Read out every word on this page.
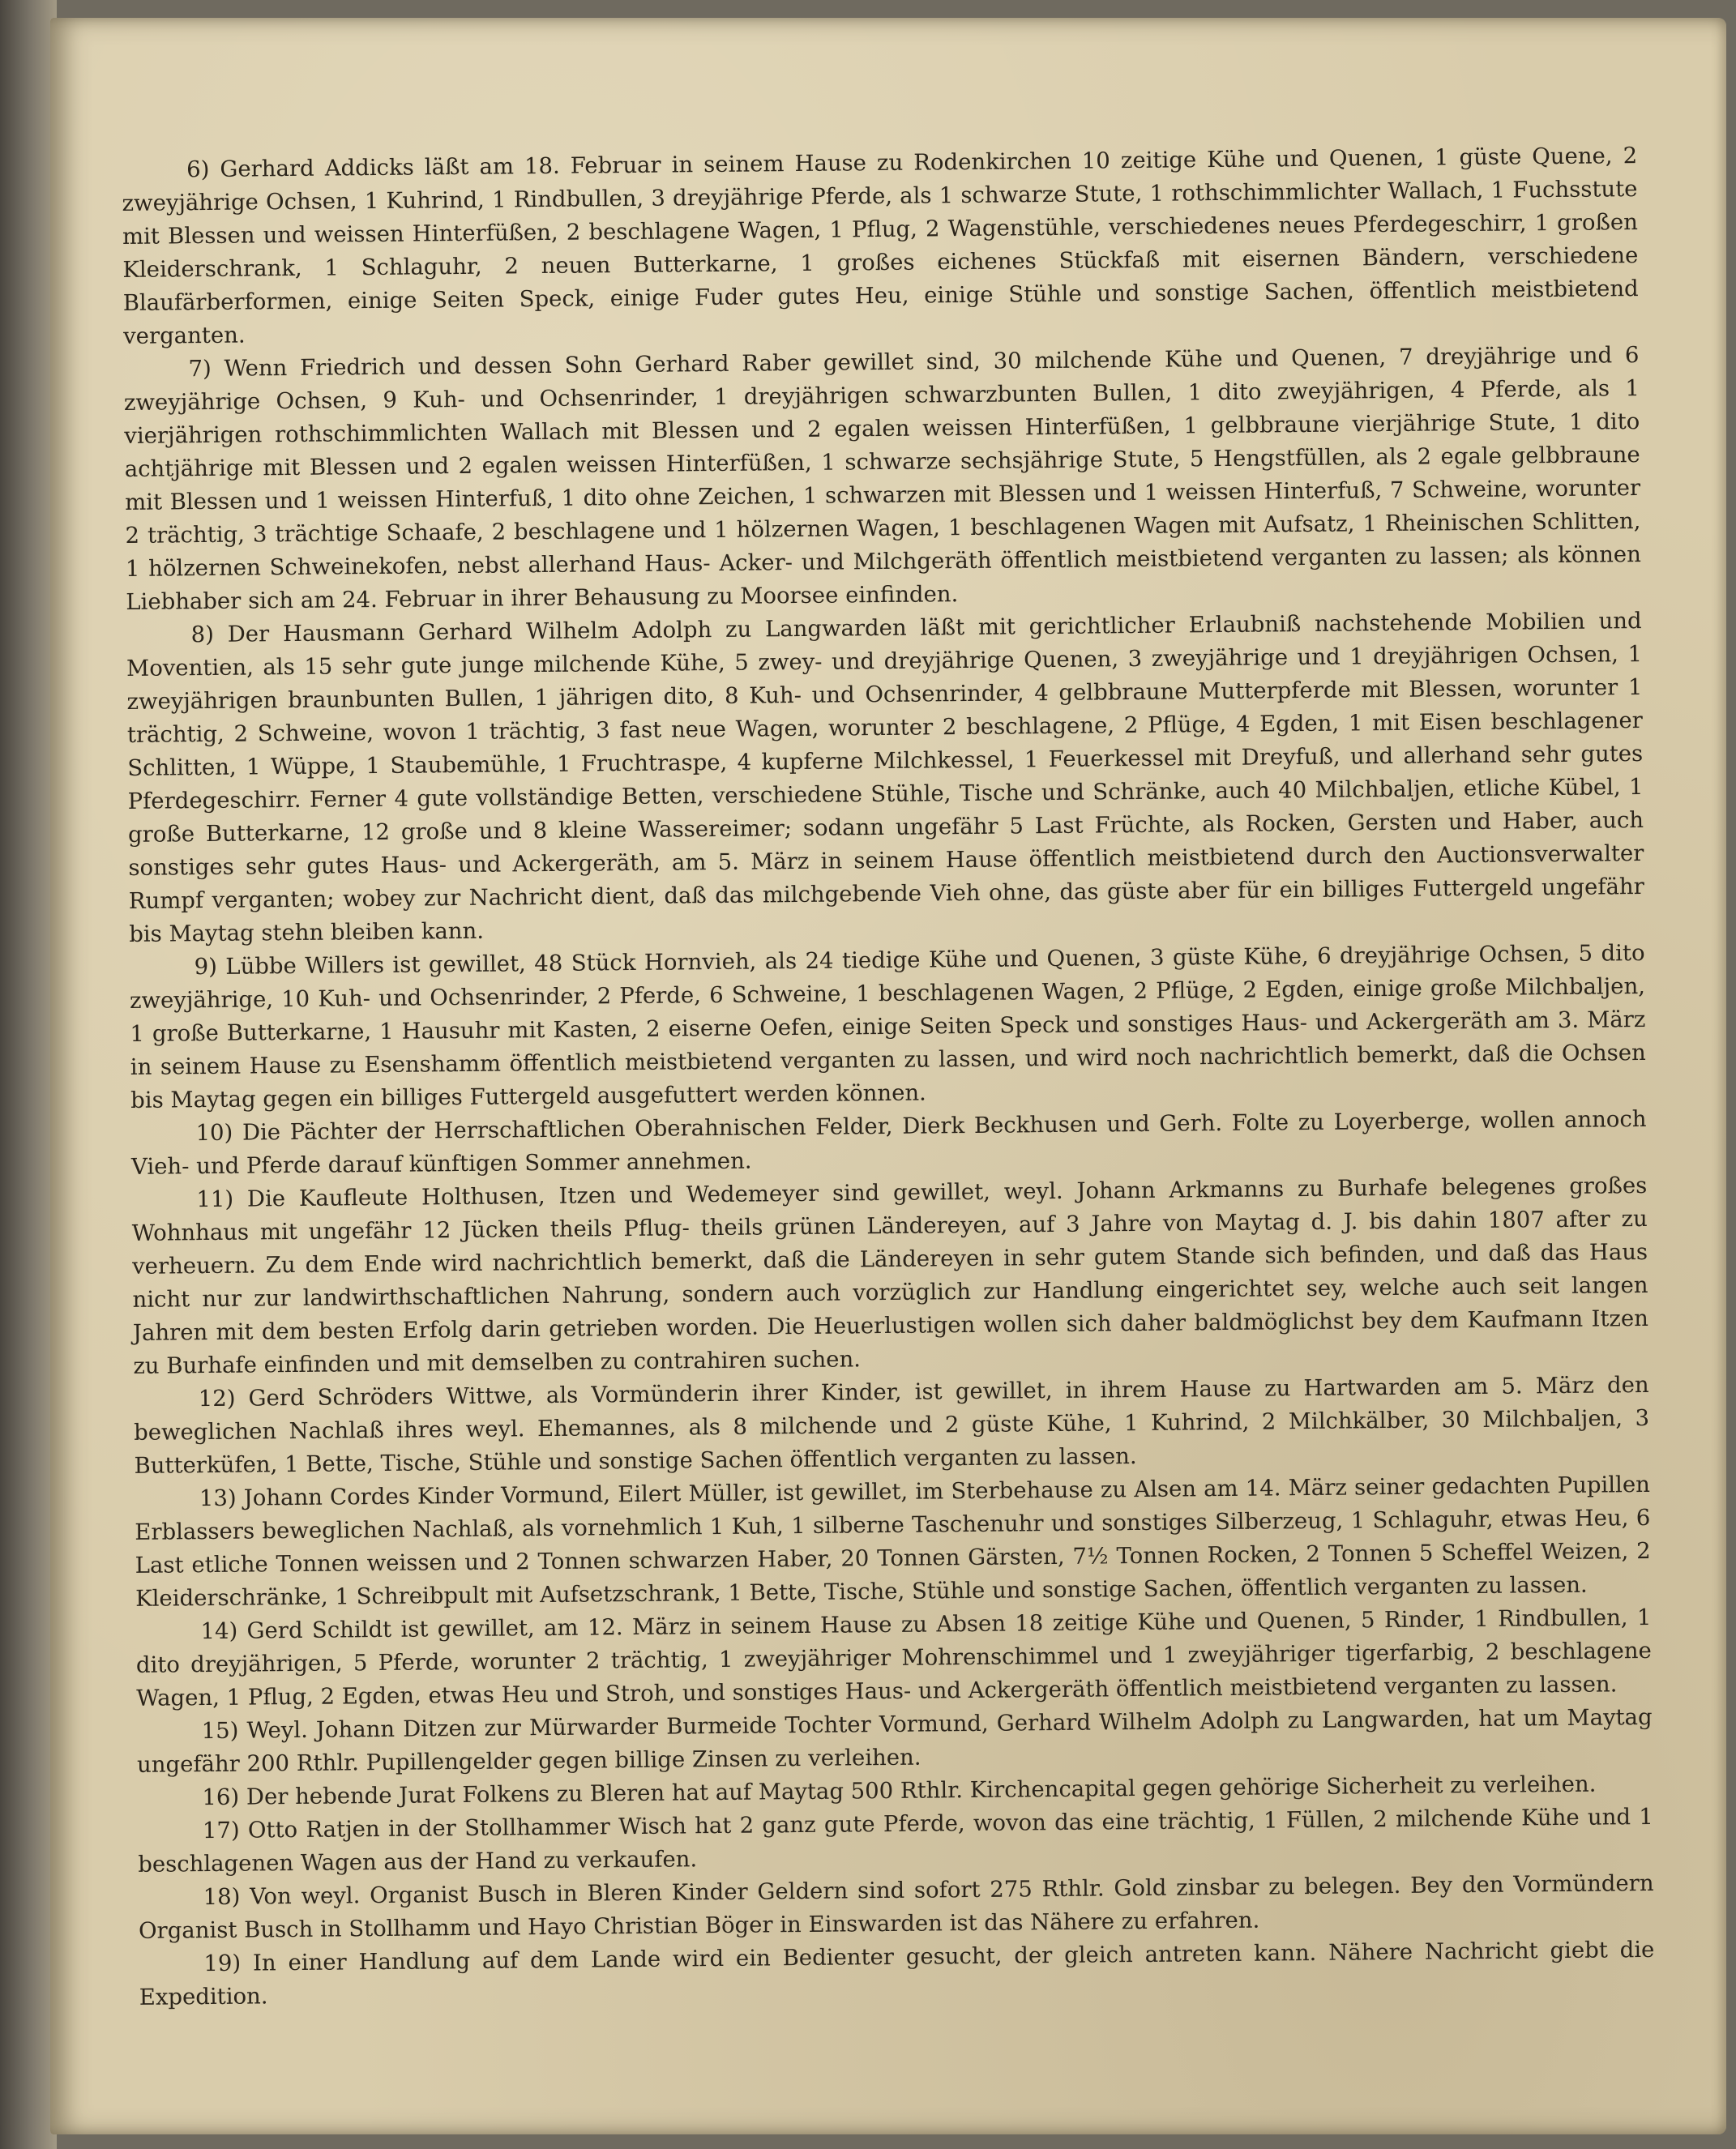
6) Gerhard Addicks läßt am 18. Februar in seinem Hause zu Rodenkirchen 10 zeitige Kühe und Quenen, 1 güste Quene, 2 zweyjährige Ochsen, 1 Kuhrind, 1 Rindbullen, 3 dreyjährige Pferde, als 1 schwarze Stute, 1 rothschimmlichter Wallach, 1 Fuchsstute mit Blessen und weissen Hinterfüßen, 2 beschlagene Wagen, 1 Pflug, 2 Wagenstühle, verschiedenes neues Pferdegeschirr, 1 großen Kleiderschrank, 1 Schlaguhr, 2 neuen Butterkarne, 1 großes eichenes Stückfaß mit eisernen Bändern, verschiedene Blaufärberformen, einige Seiten Speck, einige Fuder gutes Heu, einige Stühle und sonstige Sachen, öffentlich meistbietend verganten.

7) Wenn Friedrich und dessen Sohn Gerhard Raber gewillet sind, 30 milchende Kühe und Quenen, 7 dreyjährige und 6 zweyjährige Ochsen, 9 Kuh- und Ochsenrinder, 1 dreyjährigen schwarzbunten Bullen, 1 dito zweyjährigen, 4 Pferde, als 1 vierjährigen rothschimmlichten Wallach mit Blessen und 2 egalen weissen Hinterfüßen, 1 gelbbraune vierjährige Stute, 1 dito achtjährige mit Blessen und 2 egalen weissen Hinterfüßen, 1 schwarze sechsjährige Stute, 5 Hengstfüllen, als 2 egale gelbbraune mit Blessen und 1 weissen Hinterfuß, 1 dito ohne Zeichen, 1 schwarzen mit Blessen und 1 weissen Hinterfuß, 7 Schweine, worunter 2 trächtig, 3 trächtige Schaafe, 2 beschlagene und 1 hölzernen Wagen, 1 beschlagenen Wagen mit Aufsatz, 1 Rheinischen Schlitten, 1 hölzernen Schweinekofen, nebst allerhand Haus- Acker- und Milchgeräth öffentlich meistbietend verganten zu lassen; als können Liebhaber sich am 24. Februar in ihrer Behausung zu Moorsee einfinden.

8) Der Hausmann Gerhard Wilhelm Adolph zu Langwarden läßt mit gerichtlicher Erlaubniß nachstehende Mobilien und Moventien, als 15 sehr gute junge milchende Kühe, 5 zwey- und dreyjährige Quenen, 3 zweyjährige und 1 dreyjährigen Ochsen, 1 zweyjährigen braunbunten Bullen, 1 jährigen dito, 8 Kuh- und Ochsenrinder, 4 gelbbraune Mutterpferde mit Blessen, worunter 1 trächtig, 2 Schweine, wovon 1 trächtig, 3 fast neue Wagen, worunter 2 beschlagene, 2 Pflüge, 4 Egden, 1 mit Eisen beschlagener Schlitten, 1 Wüppe, 1 Staubemühle, 1 Fruchtraspe, 4 kupferne Milchkessel, 1 Feuerkessel mit Dreyfuß, und allerhand sehr gutes Pferdegeschirr. Ferner 4 gute vollständige Betten, verschiedene Stühle, Tische und Schränke, auch 40 Milchbaljen, etliche Kübel, 1 große Butterkarne, 12 große und 8 kleine Wassereimer; sodann ungefähr 5 Last Früchte, als Rocken, Gersten und Haber, auch sonstiges sehr gutes Haus- und Ackergeräth, am 5. März in seinem Hause öffentlich meistbietend durch den Auctionsverwalter Rumpf verganten; wobey zur Nachricht dient, daß das milchgebende Vieh ohne, das güste aber für ein billiges Futtergeld ungefähr bis Maytag stehn bleiben kann.

9) Lübbe Willers ist gewillet, 48 Stück Hornvieh, als 24 tiedige Kühe und Quenen, 3 güste Kühe, 6 dreyjährige Ochsen, 5 dito zweyjährige, 10 Kuh- und Ochsenrinder, 2 Pferde, 6 Schweine, 1 beschlagenen Wagen, 2 Pflüge, 2 Egden, einige große Milchbaljen, 1 große Butterkarne, 1 Hausuhr mit Kasten, 2 eiserne Oefen, einige Seiten Speck und sonstiges Haus- und Ackergeräth am 3. März in seinem Hause zu Esenshamm öffentlich meistbietend verganten zu lassen, und wird noch nachrichtlich bemerkt, daß die Ochsen bis Maytag gegen ein billiges Futtergeld ausgefuttert werden können.

10) Die Pächter der Herrschaftlichen Oberahnischen Felder, Dierk Beckhusen und Gerh. Folte zu Loyerberge, wollen annoch Vieh- und Pferde darauf künftigen Sommer annehmen.

11) Die Kaufleute Holthusen, Itzen und Wedemeyer sind gewillet, weyl. Johann Arkmanns zu Burhafe belegenes großes Wohnhaus mit ungefähr 12 Jücken theils Pflug- theils grünen Ländereyen, auf 3 Jahre von Maytag d. J. bis dahin 1807 after zu verheuern. Zu dem Ende wird nachrichtlich bemerkt, daß die Ländereyen in sehr gutem Stande sich befinden, und daß das Haus nicht nur zur landwirthschaftlichen Nahrung, sondern auch vorzüglich zur Handlung eingerichtet sey, welche auch seit langen Jahren mit dem besten Erfolg darin getrieben worden. Die Heuerlustigen wollen sich daher baldmöglichst bey dem Kaufmann Itzen zu Burhafe einfinden und mit demselben zu contrahiren suchen.

12) Gerd Schröders Wittwe, als Vormünderin ihrer Kinder, ist gewillet, in ihrem Hause zu Hartwarden am 5. März den beweglichen Nachlaß ihres weyl. Ehemannes, als 8 milchende und 2 güste Kühe, 1 Kuhrind, 2 Milchkälber, 30 Milchbaljen, 3 Butterküfen, 1 Bette, Tische, Stühle und sonstige Sachen öffentlich verganten zu lassen.

13) Johann Cordes Kinder Vormund, Eilert Müller, ist gewillet, im Sterbehause zu Alsen am 14. März seiner gedachten Pupillen Erblassers beweglichen Nachlaß, als vornehmlich 1 Kuh, 1 silberne Taschenuhr und sonstiges Silberzeug, 1 Schlaguhr, etwas Heu, 6 Last etliche Tonnen weissen und 2 Tonnen schwarzen Haber, 20 Tonnen Gärsten, 7½ Tonnen Rocken, 2 Tonnen 5 Scheffel Weizen, 2 Kleiderschränke, 1 Schreibpult mit Aufsetzschrank, 1 Bette, Tische, Stühle und sonstige Sachen, öffentlich verganten zu lassen.

14) Gerd Schildt ist gewillet, am 12. März in seinem Hause zu Absen 18 zeitige Kühe und Quenen, 5 Rinder, 1 Rindbullen, 1 dito dreyjährigen, 5 Pferde, worunter 2 trächtig, 1 zweyjähriger Mohrenschimmel und 1 zweyjähriger tigerfarbig, 2 beschlagene Wagen, 1 Pflug, 2 Egden, etwas Heu und Stroh, und sonstiges Haus- und Ackergeräth öffentlich meistbietend verganten zu lassen.

15) Weyl. Johann Ditzen zur Mürwarder Burmeide Tochter Vormund, Gerhard Wilhelm Adolph zu Langwarden, hat um Maytag ungefähr 200 Rthlr. Pupillengelder gegen billige Zinsen zu verleihen.

16) Der hebende Jurat Folkens zu Bleren hat auf Maytag 500 Rthlr. Kirchencapital gegen gehörige Sicherheit zu verleihen.

17) Otto Ratjen in der Stollhammer Wisch hat 2 ganz gute Pferde, wovon das eine trächtig, 1 Füllen, 2 milchende Kühe und 1 beschlagenen Wagen aus der Hand zu verkaufen.

18) Von weyl. Organist Busch in Bleren Kinder Geldern sind sofort 275 Rthlr. Gold zinsbar zu belegen. Bey den Vormündern Organist Busch in Stollhamm und Hayo Christian Böger in Einswarden ist das Nähere zu erfahren.

19) In einer Handlung auf dem Lande wird ein Bedienter gesucht, der gleich antreten kann. Nähere Nachricht giebt die Expedition.
